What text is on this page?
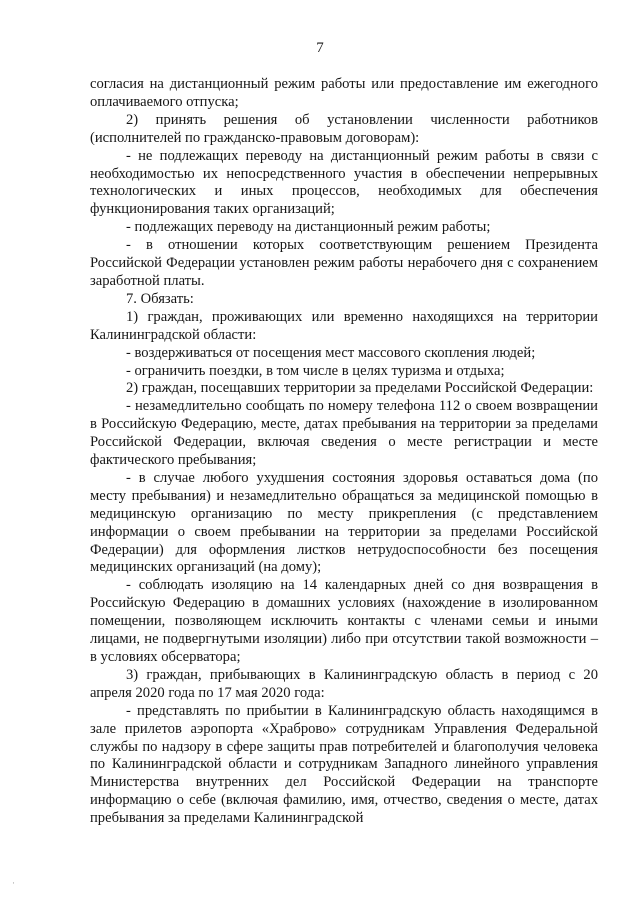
7

согласия на дистанционный режим работы или предоставление им ежегодного оплачиваемого отпуска;

2) принять решения об установлении численности работников (исполнителей по гражданско-правовым договорам):

- не подлежащих переводу на дистанционный режим работы в связи с необходимостью их непосредственного участия в обеспечении непрерывных технологических и иных процессов, необходимых для обеспечения функционирования таких организаций;

- подлежащих переводу на дистанционный режим работы;

- в отношении которых соответствующим решением Президента Российской Федерации установлен режим работы нерабочего дня с сохранением заработной платы.

7. Обязать:

1) граждан, проживающих или временно находящихся на территории Калининградской области:

- воздерживаться от посещения мест массового скопления людей;

- ограничить поездки, в том числе в целях туризма и отдыха;

2) граждан, посещавших территории за пределами Российской Федерации:

- незамедлительно сообщать по номеру телефона 112 о своем возвращении в Российскую Федерацию, месте, датах пребывания на территории за пределами Российской Федерации, включая сведения о месте регистрации и месте фактического пребывания;

- в случае любого ухудшения состояния здоровья оставаться дома (по месту пребывания) и незамедлительно обращаться за медицинской помощью в медицинскую организацию по месту прикрепления (с представлением информации о своем пребывании на территории за пределами Российской Федерации) для оформления листков нетрудоспособности без посещения медицинских организаций (на дому);

- соблюдать изоляцию на 14 календарных дней со дня возвращения в Российскую Федерацию в домашних условиях (нахождение в изолированном помещении, позволяющем исключить контакты с членами семьи и иными лицами, не подвергнутыми изоляции) либо при отсутствии такой возможности – в условиях обсерватора;

3) граждан, прибывающих в Калининградскую область в период с 20 апреля 2020 года по 17 мая 2020 года:

- представлять по прибытии в Калининградскую область находящимся в зале прилетов аэропорта «Храброво» сотрудникам Управления Федеральной службы по надзору в сфере защиты прав потребителей и благополучия человека по Калининградской области и сотрудникам Западного линейного управления Министерства внутренних дел Российской Федерации на транспорте информацию о себе (включая фамилию, имя, отчество, сведения о месте, датах пребывания за пределами Калининградской

·
